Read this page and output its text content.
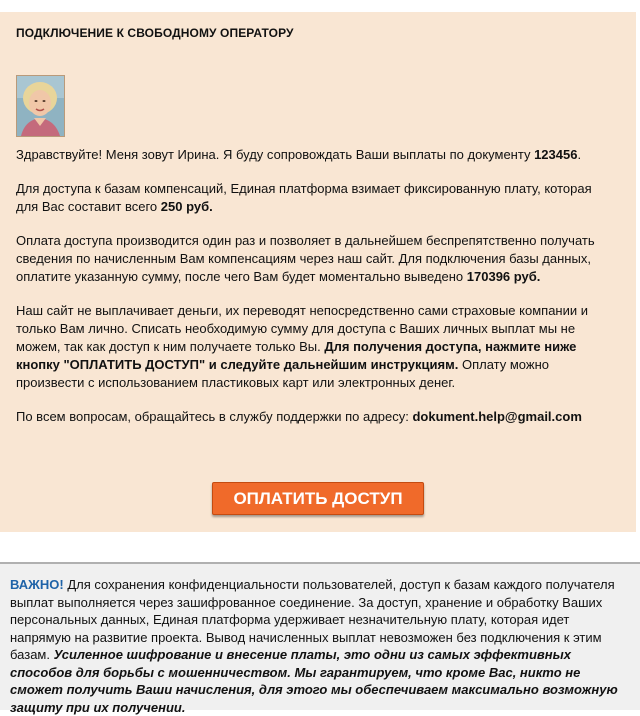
ПОДКЛЮЧЕНИЕ К СВОБОДНОМУ ОПЕРАТОРУ

Здравствуйте! Меня зовут Ирина. Я буду сопровождать Ваши выплаты по документу 123456.

Для доступа к базам компенсаций, Единая платформа взимает фиксированную плату, которая для Вас составит всего 250 руб.

Оплата доступа производится один раз и позволяет в дальнейшем беспрепятственно получать сведения по начисленным Вам компенсациям через наш сайт. Для подключения базы данных, оплатите указанную сумму, после чего Вам будет моментально выведено 170396 руб.

Наш сайт не выплачивает деньги, их переводят непосредственно сами страховые компании и только Вам лично. Списать необходимую сумму для доступа с Ваших личных выплат мы не можем, так как доступ к ним получаете только Вы. Для получения доступа, нажмите ниже кнопку "ОПЛАТИТЬ ДОСТУП" и следуйте дальнейшим инструкциям. Оплату можно произвести с использованием пластиковых карт или электронных денег.

По всем вопросам, обращайтесь в службу поддержки по адресу: dokument.help@gmail.com

ОПЛАТИТЬ ДОСТУП
ВАЖНО! Для сохранения конфиденциальности пользователей, доступ к базам каждого получателя выплат выполняется через зашифрованное соединение. За доступ, хранение и обработку Ваших персональных данных, Единая платформа удерживает незначительную плату, которая идет напрямую на развитие проекта. Вывод начисленных выплат невозможен без подключения к этим базам. Усиленное шифрование и внесение платы, это одни из самых эффективных способов для борьбы с мошенничеством. Мы гарантируем, что кроме Вас, никто не сможет получить Ваши начисления, для этого мы обеспечиваем максимально возможную защиту при их получении.
